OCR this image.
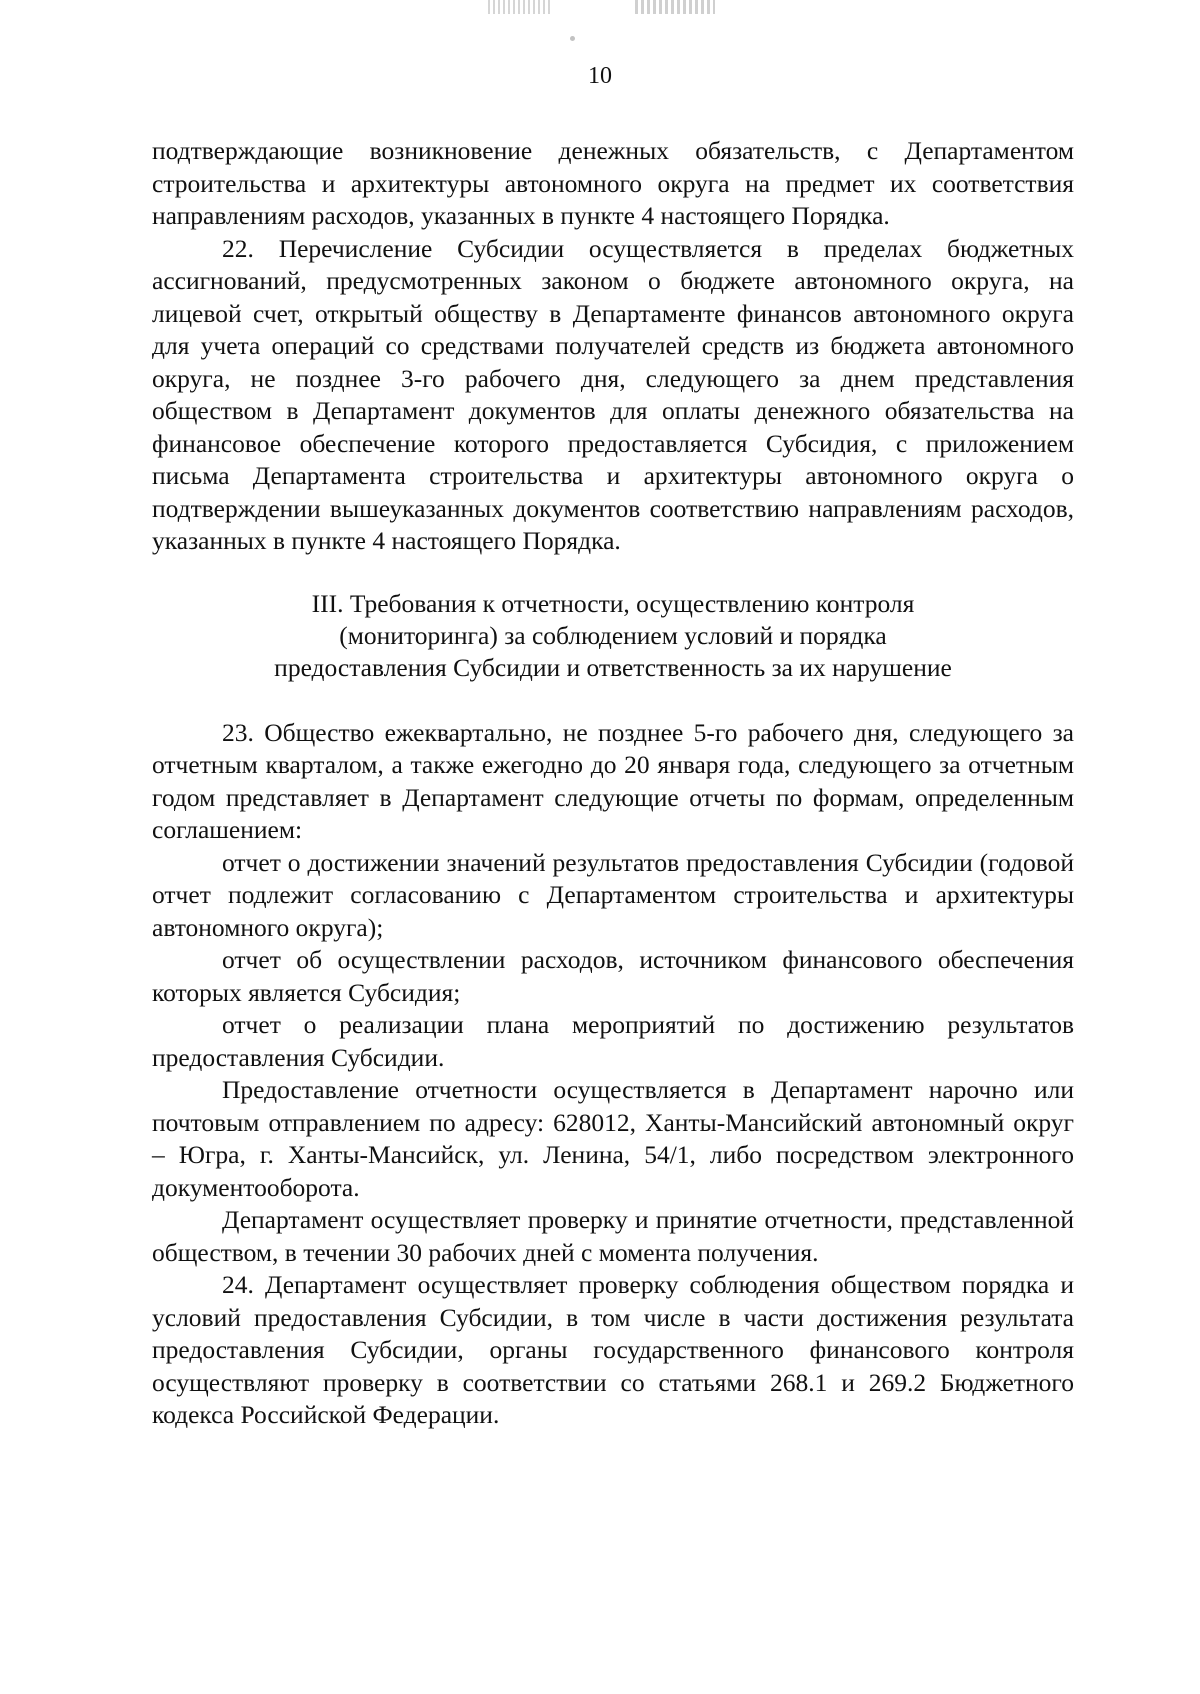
10

подтверждающие возникновение денежных обязательств, с Департаментом строительства и архитектуры автономного округа на предмет их соответствия направлениям расходов, указанных в пункте 4 настоящего Порядка.

22. Перечисление Субсидии осуществляется в пределах бюджетных ассигнований, предусмотренных законом о бюджете автономного округа, на лицевой счет, открытый обществу в Департаменте финансов автономного округа для учета операций со средствами получателей средств из бюджета автономного округа, не позднее 3-го рабочего дня, следующего за днем представления обществом в Департамент документов для оплаты денежного обязательства на финансовое обеспечение которого предоставляется Субсидия, с приложением письма Департамента строительства и архитектуры автономного округа о подтверждении вышеуказанных документов соответствию направлениям расходов, указанных в пункте 4 настоящего Порядка.

III. Требования к отчетности, осуществлению контроля
(мониторинга) за соблюдением условий и порядка
предоставления Субсидии и ответственность за их нарушение

23. Общество ежеквартально, не позднее 5-го рабочего дня, следующего за отчетным кварталом, а также ежегодно до 20 января года, следующего за отчетным годом представляет в Департамент следующие отчеты по формам, определенным соглашением:

отчет о достижении значений результатов предоставления Субсидии (годовой отчет подлежит согласованию с Департаментом строительства и архитектуры автономного округа);

отчет об осуществлении расходов, источником финансового обеспечения которых является Субсидия;

отчет о реализации плана мероприятий по достижению результатов предоставления Субсидии.

Предоставление отчетности осуществляется в Департамент нарочно или почтовым отправлением по адресу: 628012, Ханты-Мансийский автономный округ – Югра, г. Ханты-Мансийск, ул. Ленина, 54/1, либо посредством электронного документооборота.

Департамент осуществляет проверку и принятие отчетности, представленной обществом, в течении 30 рабочих дней с момента получения.

24. Департамент осуществляет проверку соблюдения обществом порядка и условий предоставления Субсидии, в том числе в части достижения результата предоставления Субсидии, органы государственного финансового контроля осуществляют проверку в соответствии со статьями 268.1 и 269.2 Бюджетного кодекса Российской Федерации.
